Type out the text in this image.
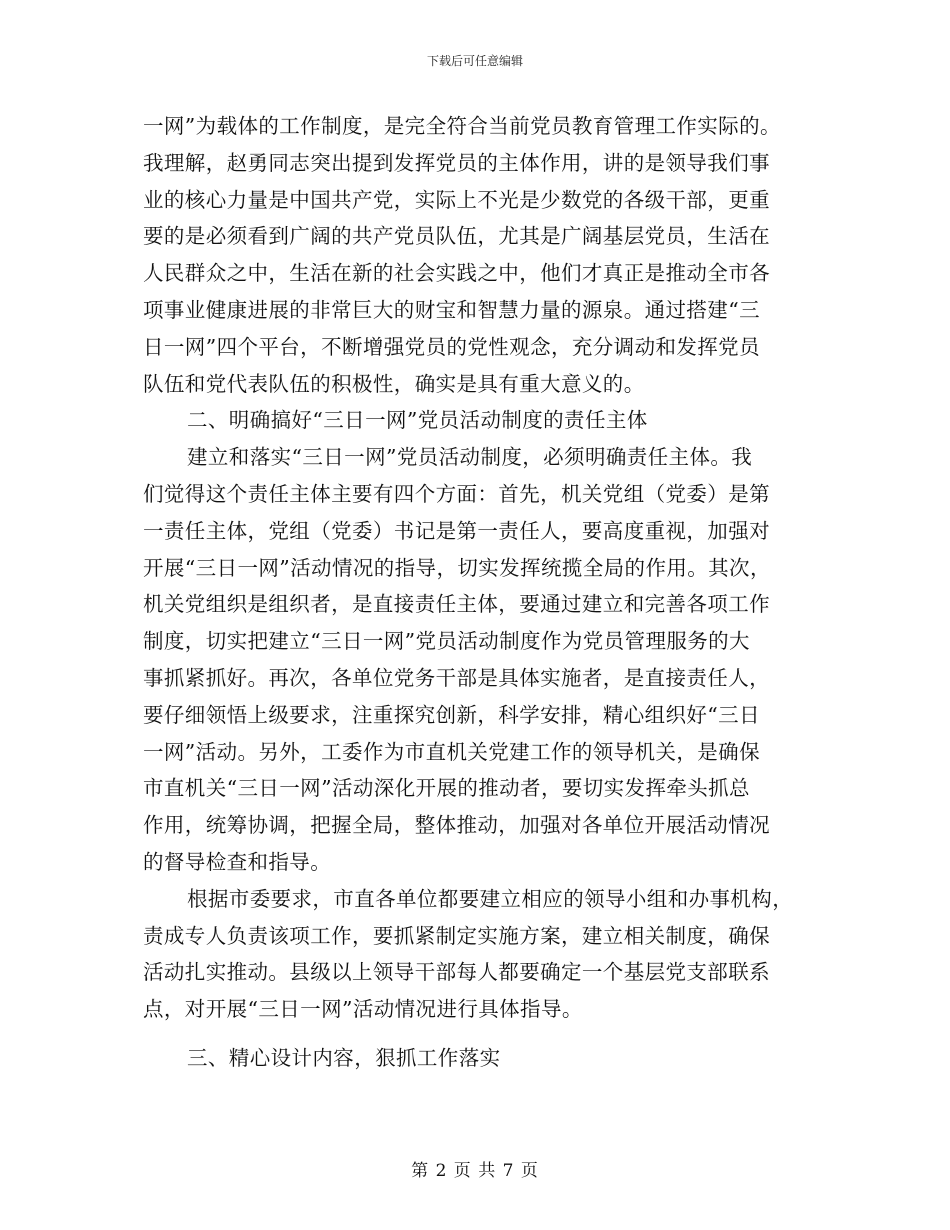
下载后可任意编辑
一网”为载体的工作制度，是完全符合当前党员教育管理工作实际的。
我理解，赵勇同志突出提到发挥党员的主体作用，讲的是领导我们事
业的核心力量是中国共产党，实际上不光是少数党的各级干部，更重
要的是必须看到广阔的共产党员队伍，尤其是广阔基层党员，生活在
人民群众之中，生活在新的社会实践之中，他们才真正是推动全市各
项事业健康进展的非常巨大的财宝和智慧力量的源泉。通过搭建“三
日一网”四个平台，不断增强党员的党性观念，充分调动和发挥党员
队伍和党代表队伍的积极性，确实是具有重大意义的。
二、明确搞好“三日一网”党员活动制度的责任主体
建立和落实“三日一网”党员活动制度，必须明确责任主体。我
们觉得这个责任主体主要有四个方面：首先，机关党组（党委）是第
一责任主体，党组（党委）书记是第一责任人，要高度重视，加强对
开展“三日一网”活动情况的指导，切实发挥统揽全局的作用。其次，
机关党组织是组织者，是直接责任主体，要通过建立和完善各项工作
制度，切实把建立“三日一网”党员活动制度作为党员管理服务的大
事抓紧抓好。再次，各单位党务干部是具体实施者，是直接责任人，
要仔细领悟上级要求，注重探究创新，科学安排，精心组织好“三日
一网”活动。另外，工委作为市直机关党建工作的领导机关，是确保
市直机关“三日一网”活动深化开展的推动者，要切实发挥牵头抓总
作用，统筹协调，把握全局，整体推动，加强对各单位开展活动情况
的督导检查和指导。
根据市委要求，市直各单位都要建立相应的领导小组和办事机构，
责成专人负责该项工作，要抓紧制定实施方案，建立相关制度，确保
活动扎实推动。县级以上领导干部每人都要确定一个基层党支部联系
点，对开展“三日一网”活动情况进行具体指导。
三、精心设计内容，狠抓工作落实
第 2 页 共 7 页
